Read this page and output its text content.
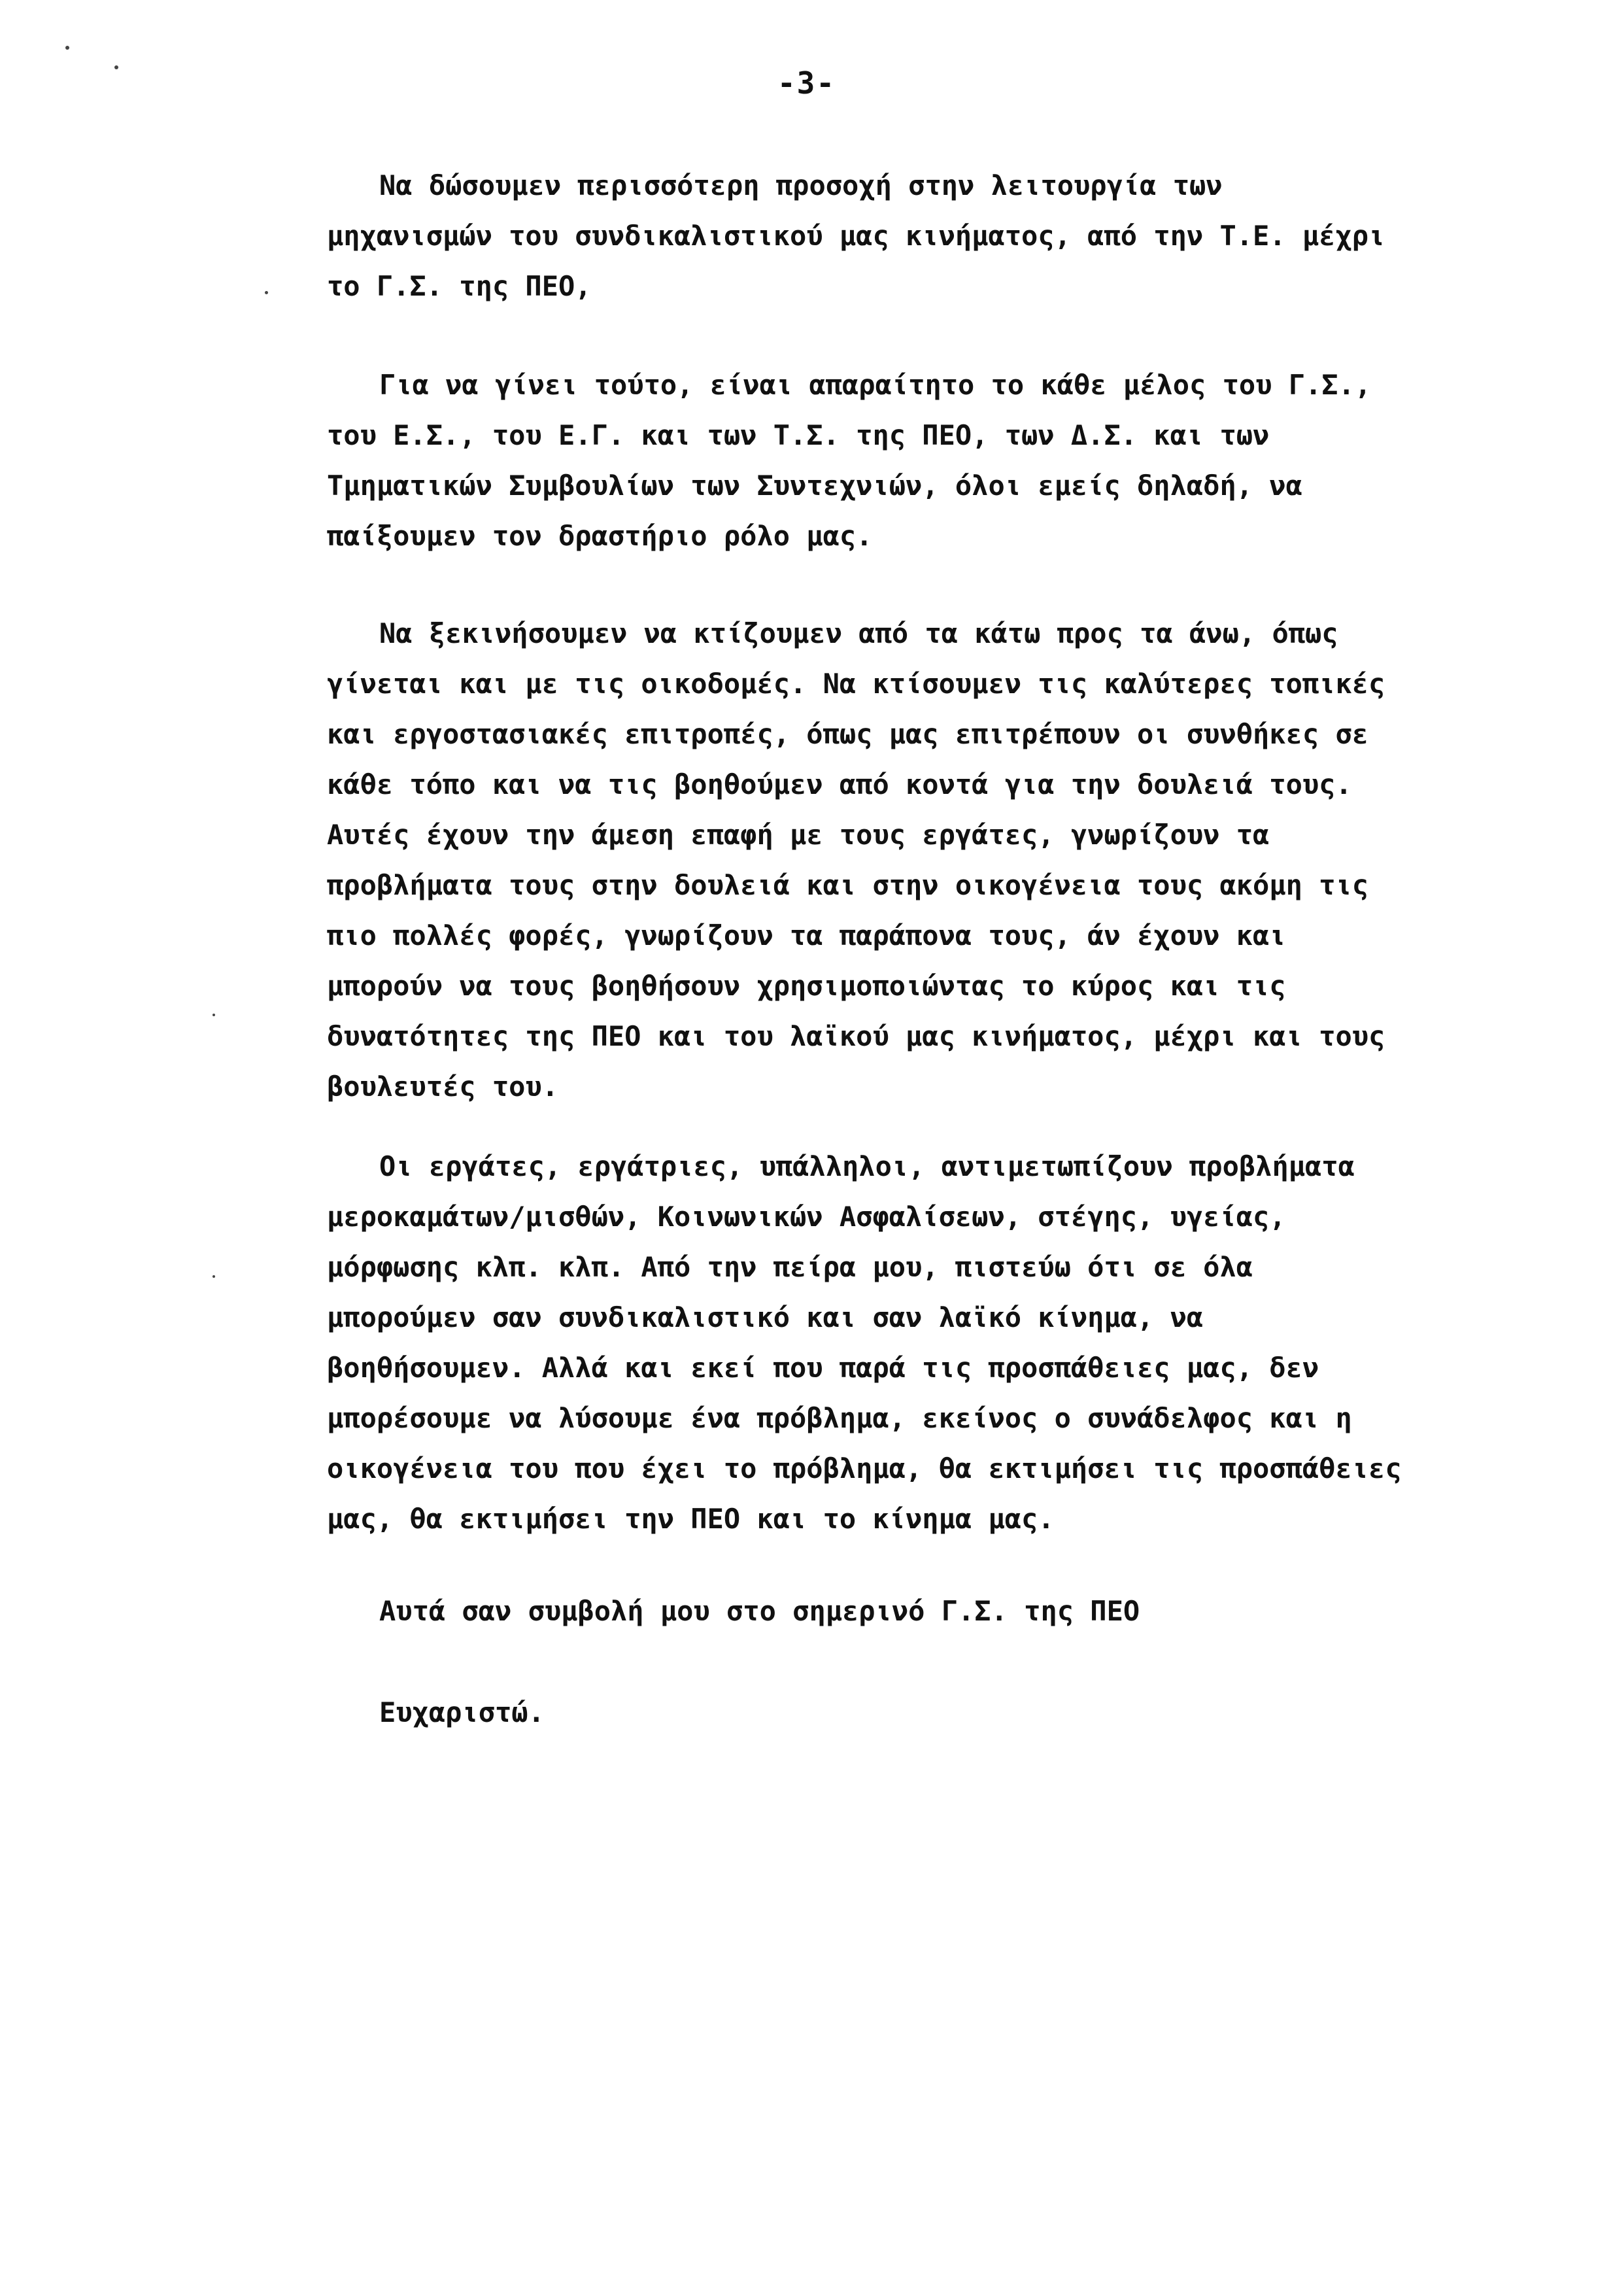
-3-
Να δώσουμεν περισσότερη προσοχή στην λειτουργία των
μηχανισμών του συνδικαλιστικού μας κινήματος, από την Τ.Ε. μέχρι
το Γ.Σ. της ΠΕΟ,
Για να γίνει τούτο, είναι απαραίτητο το κάθε μέλος του Γ.Σ.,
του Ε.Σ., του Ε.Γ. και των Τ.Σ. της ΠΕΟ, των Δ.Σ. και των
Τμηματικών Συμβουλίων των Συντεχνιών, όλοι εμείς δηλαδή, να
παίξουμεν τον δραστήριο ρόλο μας.
Να ξεκινήσουμεν να κτίζουμεν από τα κάτω προς τα άνω, όπως
γίνεται και με τις οικοδομές. Να κτίσουμεν τις καλύτερες τοπικές
και εργοστασιακές επιτροπές, όπως μας επιτρέπουν οι συνθήκες σε
κάθε τόπο και να τις βοηθούμεν από κοντά για την δουλειά τους.
Αυτές έχουν την άμεση επαφή με τους εργάτες, γνωρίζουν τα
προβλήματα τους στην δουλειά και στην οικογένεια τους ακόμη τις
πιο πολλές φορές, γνωρίζουν τα παράπονα τους, άν έχουν και
μπορούν να τους βοηθήσουν χρησιμοποιώντας το κύρος και τις
δυνατότητες της ΠΕΟ και του λαϊκού μας κινήματος, μέχρι και τους
βουλευτές του.
Οι εργάτες, εργάτριες, υπάλληλοι, αντιμετωπίζουν προβλήματα
μεροκαμάτων/μισθών, Κοινωνικών Ασφαλίσεων, στέγης, υγείας,
μόρφωσης κλπ. κλπ. Από την πείρα μου, πιστεύω ότι σε όλα
μπορούμεν σαν συνδικαλιστικό και σαν λαϊκό κίνημα, να
βοηθήσουμεν. Αλλά και εκεί που παρά τις προσπάθειες μας, δεν
μπορέσουμε να λύσουμε ένα πρόβλημα, εκείνος ο συνάδελφος και η
οικογένεια του που έχει το πρόβλημα, θα εκτιμήσει τις προσπάθειες
μας, θα εκτιμήσει την ΠΕΟ και το κίνημα μας.
Αυτά σαν συμβολή μου στο σημερινό Γ.Σ. της ΠΕΟ
Ευχαριστώ.
